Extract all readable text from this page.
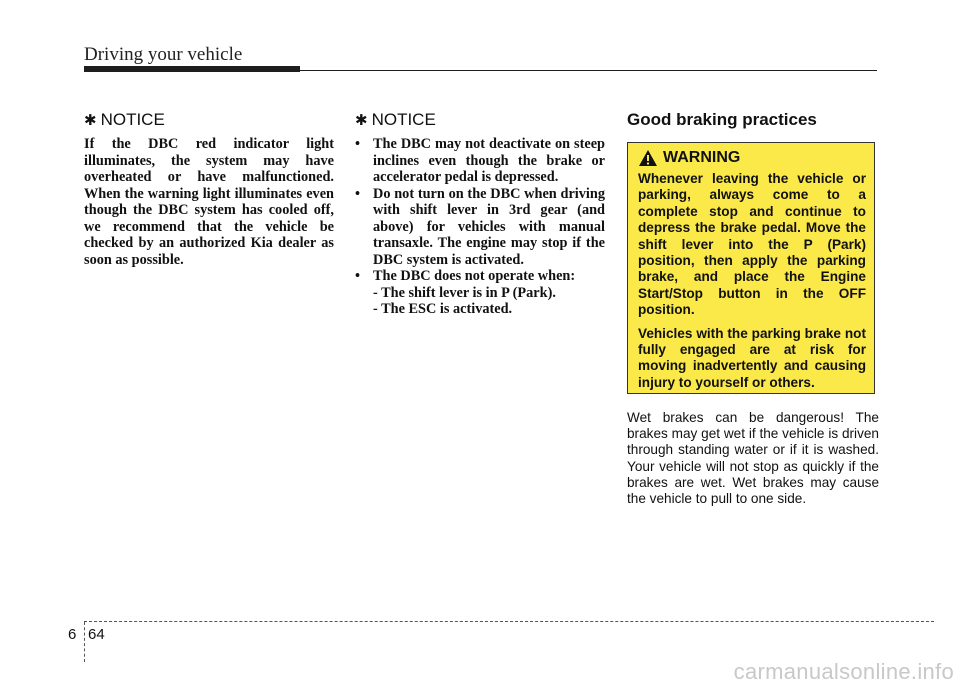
Driving your vehicle
✱ NOTICE

If the DBC red indicator light illuminates, the system may have overheated or have malfunctioned. When the warning light illuminates even though the DBC system has cooled off, we recommend that the vehicle be checked by an authorized Kia dealer as soon as possible.

✱ NOTICE
• The DBC may not deactivate on steep inclines even though the brake or accelerator pedal is depressed.
• Do not turn on the DBC when driving with shift lever in 3rd gear (and above) for vehicles with manual transaxle. The engine may stop if the DBC system is activated.
• The DBC does not operate when:
- The shift lever is in P (Park).
- The ESC is activated.
Good braking practices
WARNING

Whenever leaving the vehicle or parking, always come to a complete stop and continue to depress the brake pedal. Move the shift lever into the P (Park) position, then apply the parking brake, and place the Engine Start/Stop button in the OFF position.

Vehicles with the parking brake not fully engaged are at risk for moving inadvertently and causing injury to yourself or others.

Wet brakes can be dangerous! The brakes may get wet if the vehicle is driven through standing water or if it is washed. Your vehicle will not stop as quickly if the brakes are wet. Wet brakes may cause the vehicle to pull to one side.

6 64
carmanualsonline.info
